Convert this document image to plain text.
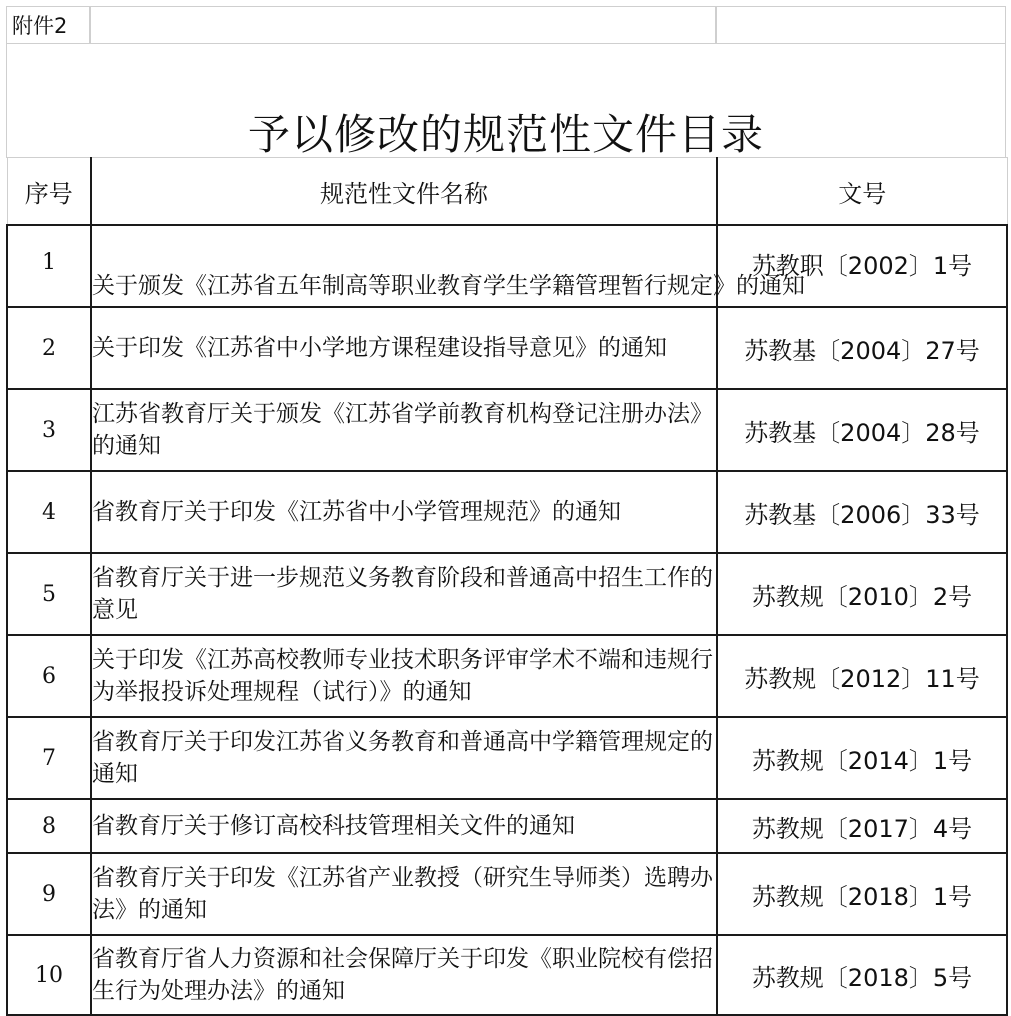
附件2
予以修改的规范性文件目录
序号	规范性文件名称	文号
1	关于颁发《江苏省五年制高等职业教育学生学籍管理暂行规定》的通知	苏教职〔2002〕1号
2	关于印发《江苏省中小学地方课程建设指导意见》的通知	苏教基〔2004〕27号
3	江苏省教育厅关于颁发《江苏省学前教育机构登记注册办法》的通知	苏教基〔2004〕28号
4	省教育厅关于印发《江苏省中小学管理规范》的通知	苏教基〔2006〕33号
5	省教育厅关于进一步规范义务教育阶段和普通高中招生工作的意见	苏教规〔2010〕2号
6	关于印发《江苏高校教师专业技术职务评审学术不端和违规行为举报投诉处理规程（试行）》的通知	苏教规〔2012〕11号
7	省教育厅关于印发江苏省义务教育和普通高中学籍管理规定的通知	苏教规〔2014〕1号
8	省教育厅关于修订高校科技管理相关文件的通知	苏教规〔2017〕4号
9	省教育厅关于印发《江苏省产业教授（研究生导师类）选聘办法》的通知	苏教规〔2018〕1号
10	省教育厅省人力资源和社会保障厅关于印发《职业院校有偿招生行为处理办法》的通知	苏教规〔2018〕5号
